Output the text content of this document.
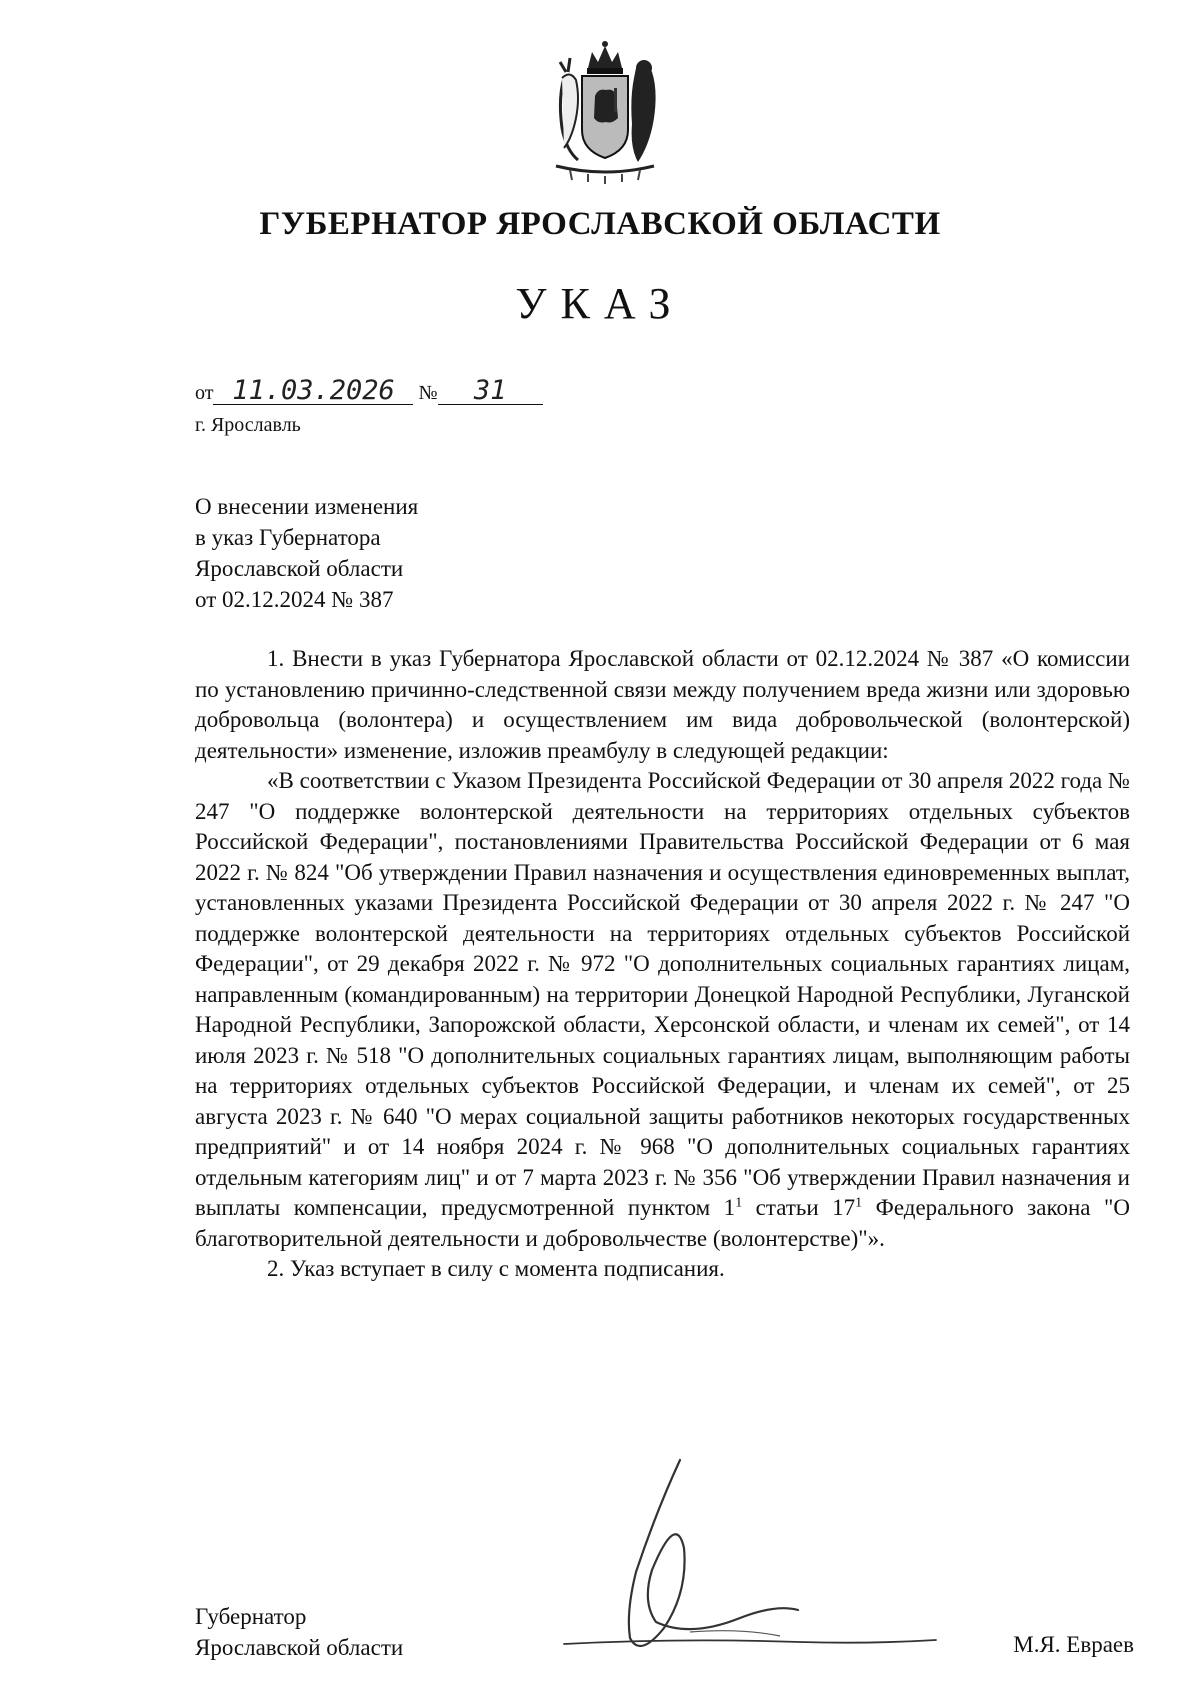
ГУБЕРНАТОР ЯРОСЛАВСКОЙ ОБЛАСТИ
УКАЗ
от 11.03.2026 № 31
г. Ярославль
О внесении изменения
в указ Губернатора
Ярославской области
от 02.12.2024 № 387

1. Внести в указ Губернатора Ярославской области от 02.12.2024 № 387 «О комиссии по установлению причинно-следственной связи между получением вреда жизни или здоровью добровольца (волонтера) и осуществлением им вида добровольческой (волонтерской) деятельности» изменение, изложив преамбулу в следующей редакции:

«В соответствии с Указом Президента Российской Федерации от 30 апреля 2022 года № 247 "О поддержке волонтерской деятельности на территориях отдельных субъектов Российской Федерации", постановлениями Правительства Российской Федерации от 6 мая 2022 г. № 824 "Об утверждении Правил назначения и осуществления единовременных выплат, установленных указами Президента Российской Федерации от 30 апреля 2022 г. № 247 "О поддержке волонтерской деятельности на территориях отдельных субъектов Российской Федерации", от 29 декабря 2022 г. № 972 "О дополнительных социальных гарантиях лицам, направленным (командированным) на территории Донецкой Народной Республики, Луганской Народной Республики, Запорожской области, Херсонской области, и членам их семей", от 14 июля 2023 г. № 518 "О дополнительных социальных гарантиях лицам, выполняющим работы на территориях отдельных субъектов Российской Федерации, и членам их семей", от 25 августа 2023 г. № 640 "О мерах социальной защиты работников некоторых государственных предприятий" и от 14 ноября 2024 г. № 968 "О дополнительных социальных гарантиях отдельным категориям лиц" и от 7 марта 2023 г. № 356 "Об утверждении Правил назначения и выплаты компенсации, предусмотренной пунктом $1^1$ статьи $17^1$ Федерального закона "О благотворительной деятельности и добровольчестве (волонтерстве)"».

2. Указ вступает в силу с момента подписания.

Губернатор
Ярославской области	М.Я. Евраев
